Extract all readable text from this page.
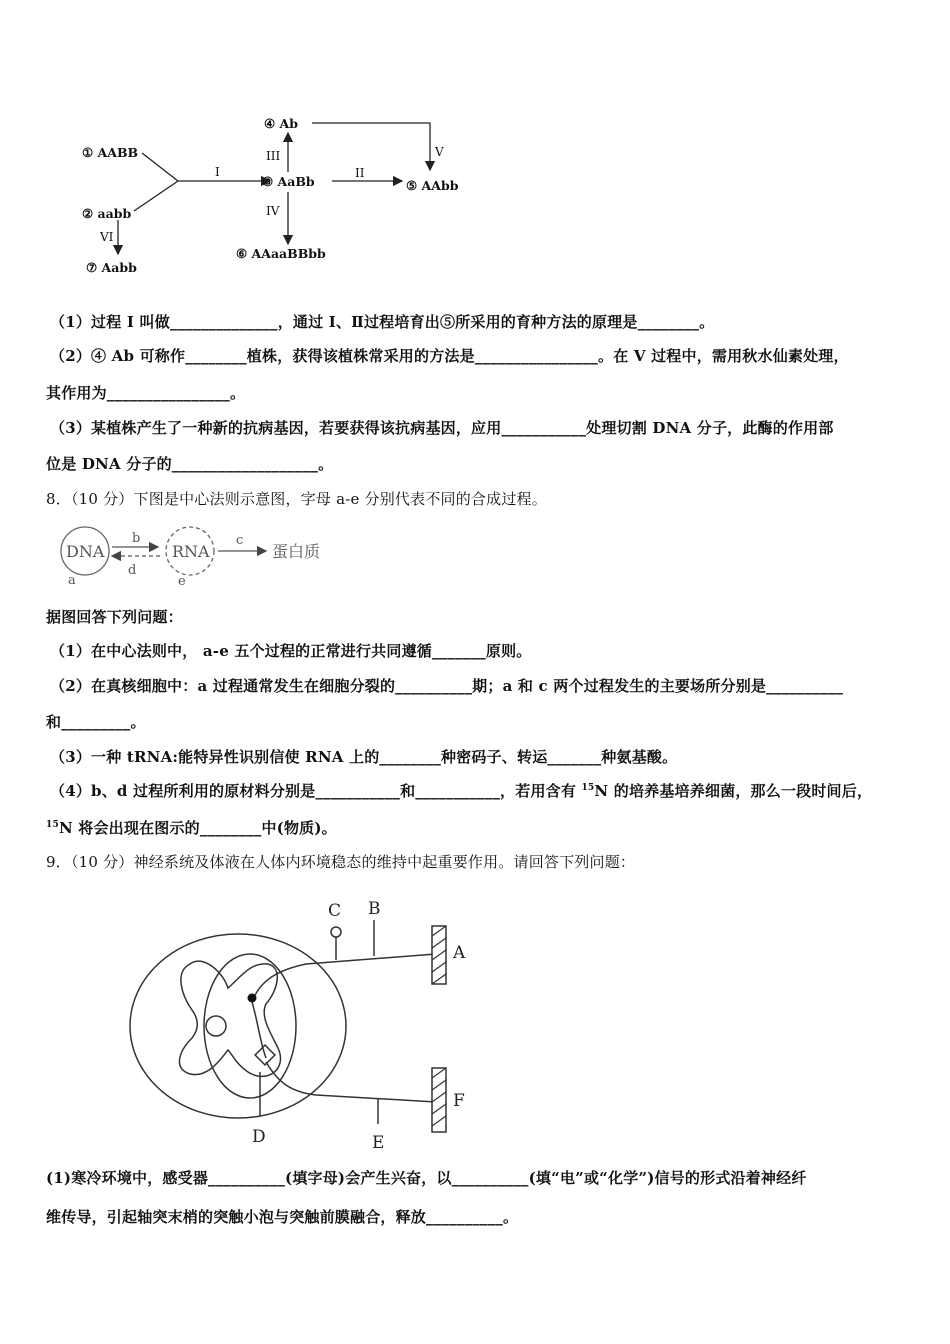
① AABB
② aabb
③ AaBb
④ Ab
⑤ AAbb
⑥ AAaaBBbb
⑦ Aabb
I	II
III
IV
V
VI
（1）过程 I 叫做______________，通过 I、Ⅱ过程培育出⑤所采用的育种方法的原理是________。
（2）④ Ab 可称作________植株，获得该植株常采用的方法是________________。在 V 过程中，需用秋水仙素处理，
其作用为________________。
（3）某植株产生了一种新的抗病基因，若要获得该抗病基因，应用___________处理切割 DNA 分子，此酶的作用部
位是 DNA 分子的___________________。
8．（10 分）下图是中心法则示意图，字母 a-e 分别代表不同的合成过程。
DNA	RNA	蛋白质
a
b	c
d
e
据图回答下列问题：
（1）在中心法则中， a-e 五个过程的正常进行共同遵循_______原则。
（2）在真核细胞中：a 过程通常发生在细胞分裂的__________期；a 和 c 两个过程发生的主要场所分别是__________
和_________。
（3）一种 tRNA:能特异性识别信使 RNA 上的________种密码子、转运_______种氨基酸。
（4）b、d 过程所利用的原材料分别是___________和___________，若用含有 $^{15}$N 的培养基培养细菌，那么一段时间后，
$^{15}$N 将会出现在图示的________中(物质)。
9．（10 分）神经系统及体液在人体内环境稳态的维持中起重要作用。请回答下列问题：
A
B
C
D	E
F
(1)寒冷环境中，感受器__________(填字母)会产生兴奋，以__________(填“电”或“化学”)信号的形式沿着神经纤
维传导，引起轴突末梢的突触小泡与突触前膜融合，释放__________。
